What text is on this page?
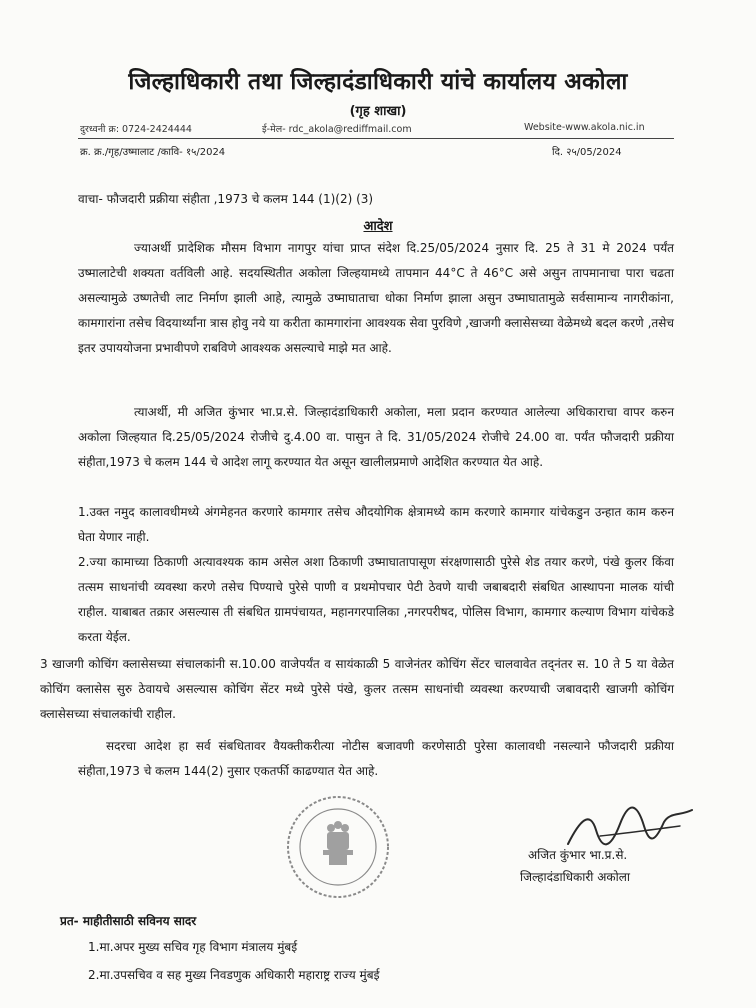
जिल्हाधिकारी तथा जिल्हादंडाधिकारी यांचे कार्यालय अकोला
(गृह शाखा)
दुरध्वनी क्र: 0724-2424444	ई-मेल- rdc_akola@rediffmail.com	Website-www.akola.nic.in
क्र. क्र./गृह/उष्मालाट /कावि- १५/2024	दि. २५/05/2024
वाचा- फौजदारी प्रक्रीया संहीता ,1973 चे कलम 144 (1)(2) (3)
आदेश
ज्याअर्थी प्रादेशिक मौसम विभाग नागपुर यांचा प्राप्त संदेश दि.25/05/2024 नुसार दि. 25 ते 31 मे 2024 पर्यंत उष्मालाटेची शक्यता वर्तविली आहे. सदयस्थितीत अकोला जिल्हयामध्ये तापमान 44°C ते 46°C असे असुन तापमानाचा पारा चढता असल्यामुळे उष्णतेची लाट निर्माण झाली आहे, त्यामुळे उष्माघाताचा धोका निर्माण झाला असुन उष्माघातामुळे सर्वसामान्य नागरीकांना, कामगारांना तसेच विदयार्थ्यांना त्रास होवु नये या करीता कामगारांना आवश्यक सेवा पुरविणे ,खाजगी क्लासेसच्या वेळेमध्ये बदल करणे ,तसेच इतर उपाययोजना प्रभावीपणे राबविणे आवश्यक असल्याचे माझे मत आहे.
त्याअर्थी, मी अजित कुंभार भा.प्र.से. जिल्हादंडाधिकारी अकोला, मला प्रदान करण्यात आलेल्या अधिकाराचा वापर करुन अकोला जिल्हयात दि.25/05/2024 रोजीचे दु.4.00 वा. पासुन ते दि. 31/05/2024 रोजीचे 24.00 वा. पर्यंत फौजदारी प्रक्रीया संहीता,1973 चे कलम 144 चे आदेश लागू करण्यात येत असून खालीलप्रमाणे आदेशित करण्यात येत आहे.
1.उक्त नमुद कालावधीमध्ये अंगमेहनत करणारे कामगार तसेच औदयोगिक क्षेत्रामध्ये काम करणारे कामगार यांचेकडुन उन्हात काम करुन घेता येणार नाही.
2.ज्या कामाच्या ठिकाणी अत्यावश्यक काम असेल अशा ठिकाणी उष्माघातापासूण संरक्षणासाठी पुरेसे शेड तयार करणे, पंखे कुलर किंवा तत्सम साधनांची व्यवस्था करणे तसेच पिण्याचे पुरेसे पाणी व प्रथमोपचार पेटी ठेवणे याची जबाबदारी संबधित आस्थापना मालक यांची राहील. याबाबत तक्रार असल्यास ती संबधित ग्रामपंचायत, महानगरपालिका ,नगरपरीषद, पोलिस विभाग, कामगार कल्याण विभाग यांचेकडे करता येईल.
3 खाजगी कोचिंग क्लासेसच्या संचालकांनी स.10.00 वाजेपर्यंत व सायंकाळी 5 वाजेनंतर कोचिंग सेंटर चालवावेत तद्नंतर स. 10 ते 5 या वेळेत कोचिंग क्लासेस सुरु ठेवायचे असल्यास कोचिंग सेंटर मध्ये पुरेसे पंखे, कुलर तत्सम साधनांची व्यवस्था करण्याची जबावदारी खाजगी कोचिंग क्लासेसच्या संचालकांची राहील.
सदरचा आदेश हा सर्व संबधितावर वैयक्तीकरीत्या नोटीस बजावणी करणेसाठी पुरेसा कालावधी नसल्याने फौजदारी प्रक्रीया संहीता,1973 चे कलम 144(2) नुसार एकतर्फी काढण्यात येत आहे.
अजित कुंभार भा.प्र.से.
जिल्हादंडाधिकारी अकोला
प्रत- माहीतीसाठी सविनय सादर
1.मा.अपर मुख्य सचिव गृह विभाग मंत्रालय मुंबई
2.मा.उपसचिव व सह मुख्य निवडणुक अधिकारी महाराष्ट्र राज्य मुंबई
